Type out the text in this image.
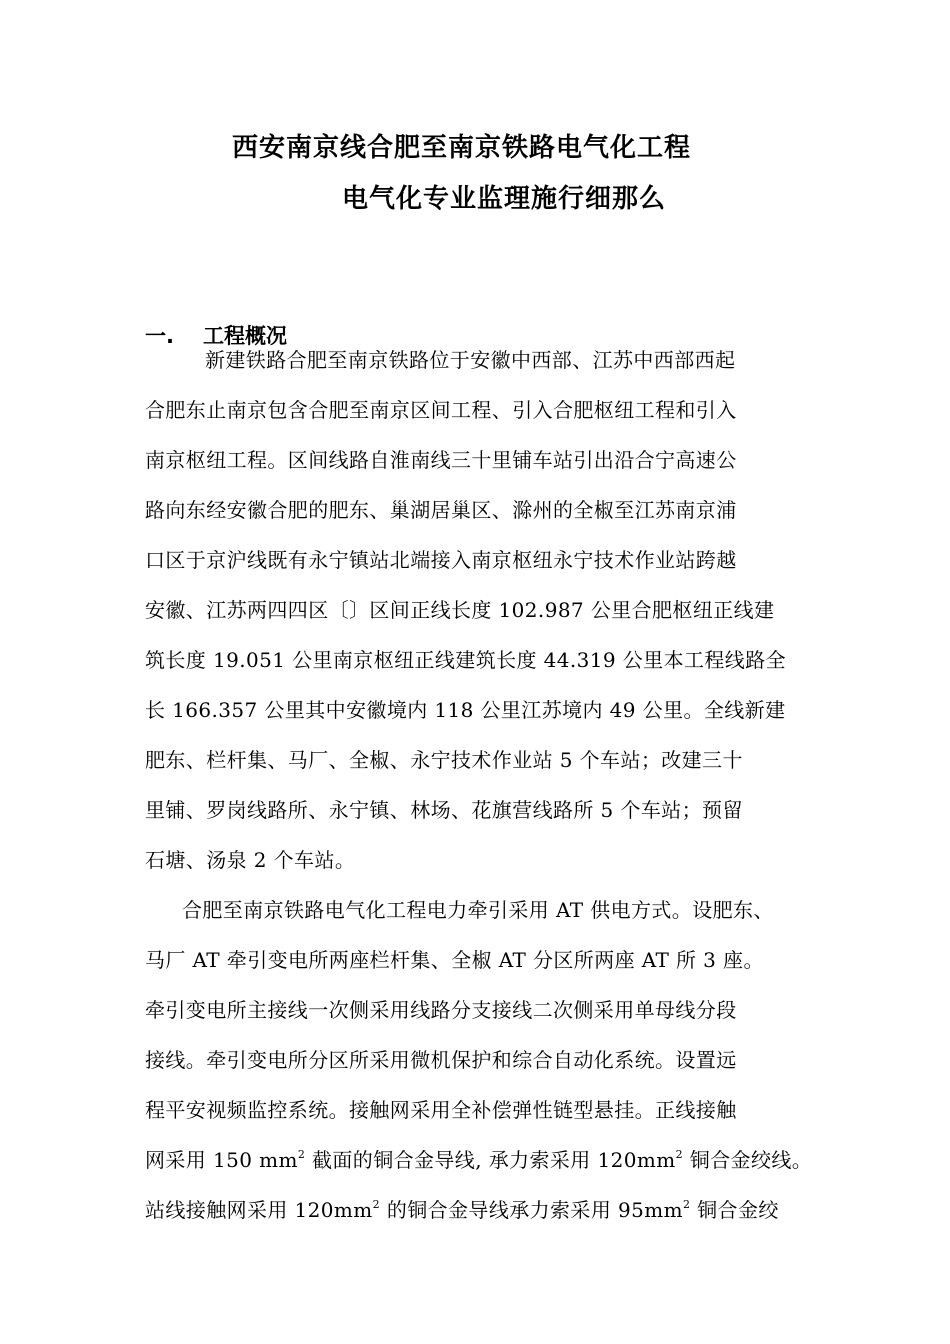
西安南京线合肥至南京铁路电气化工程
电气化专业监理施行细那么
一. 工程概况
新建铁路合肥至南京铁路位于安徽中西部、江苏中西部西起
合肥东止南京包含合肥至南京区间工程、引入合肥枢纽工程和引入
南京枢纽工程。区间线路自淮南线三十里铺车站引出沿合宁高速公
路向东经安徽合肥的肥东、巢湖居巢区、滁州的全椒至江苏南京浦
口区于京沪线既有永宁镇站北端接入南京枢纽永宁技术作业站跨越
安徽、江苏两四四区〔〕区间正线长度 102.987 公里合肥枢纽正线建
筑长度 19.051 公里南京枢纽正线建筑长度 44.319 公里本工程线路全
长 166.357 公里其中安徽境内 118 公里江苏境内 49 公里。全线新建
肥东、栏杆集、马厂、全椒、永宁技术作业站 5 个车站；改建三十
里铺、罗岗线路所、永宁镇、林场、花旗营线路所 5 个车站；预留
石塘、汤泉 2 个车站。
合肥至南京铁路电气化工程电力牵引采用 AT 供电方式。设肥东、
马厂 AT 牵引变电所两座栏杆集、全椒 AT 分区所两座 AT 所 3 座。
牵引变电所主接线一次侧采用线路分支接线二次侧采用单母线分段
接线。牵引变电所分区所采用微机保护和综合自动化系统。设置远
程平安视频监控系统。接触网采用全补偿弹性链型悬挂。正线接触
网采用 150 $mm^2$ 截面的铜合金导线, 承力索采用 $120mm^2$ 铜合金绞线。
站线接触网采用 $120mm^2$ 的铜合金导线承力索采用 $95mm^2$ 铜合金绞
